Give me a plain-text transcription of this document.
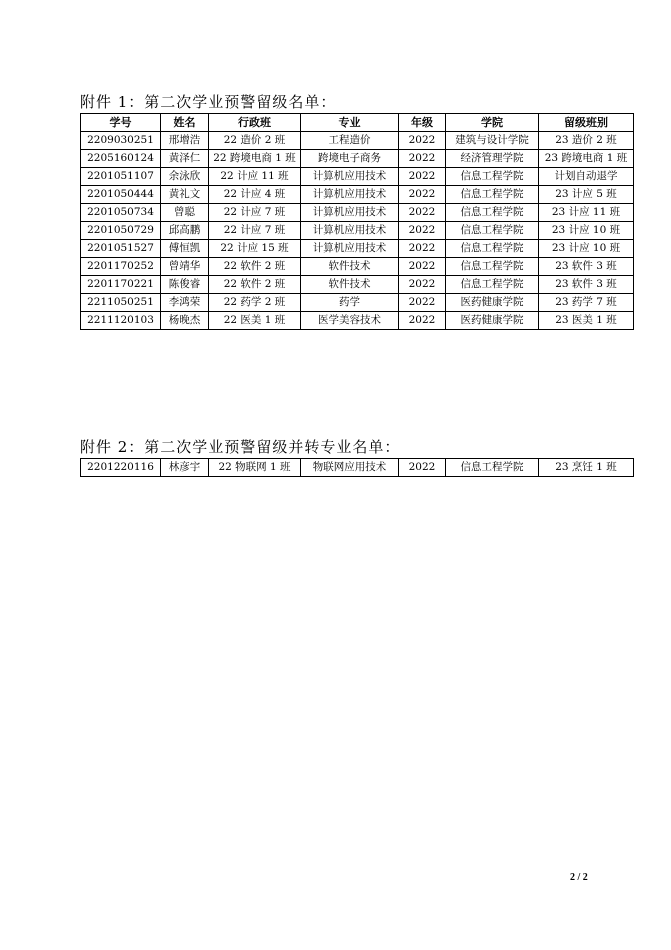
附件 1：第二次学业预警留级名单：
学号	姓名	行政班	专业	年级	学院	留级班别
2209030251	邢增浩	22 造价 2 班	工程造价	2022	建筑与设计学院	23 造价 2 班
2205160124	黄泽仁	22 跨境电商 1 班	跨境电子商务	2022	经济管理学院	23 跨境电商 1 班
2201051107	余泳欣	22 计应 11 班	计算机应用技术	2022	信息工程学院	计划自动退学
2201050444	黄礼文	22 计应 4 班	计算机应用技术	2022	信息工程学院	23 计应 5 班
2201050734	曾聪	22 计应 7 班	计算机应用技术	2022	信息工程学院	23 计应 11 班
2201050729	邱高鹏	22 计应 7 班	计算机应用技术	2022	信息工程学院	23 计应 10 班
2201051527	傅恒凯	22 计应 15 班	计算机应用技术	2022	信息工程学院	23 计应 10 班
2201170252	曾靖华	22 软件 2 班	软件技术	2022	信息工程学院	23 软件 3 班
2201170221	陈俊睿	22 软件 2 班	软件技术	2022	信息工程学院	23 软件 3 班
2211050251	李鸿荣	22 药学 2 班	药学	2022	医药健康学院	23 药学 7 班
2211120103	杨晚杰	22 医美 1 班	医学美容技术	2022	医药健康学院	23 医美 1 班
附件 2：第二次学业预警留级并转专业名单：
2201220116	林彦宇	22 物联网 1 班	物联网应用技术	2022	信息工程学院	23 烹饪 1 班
2 / 2
